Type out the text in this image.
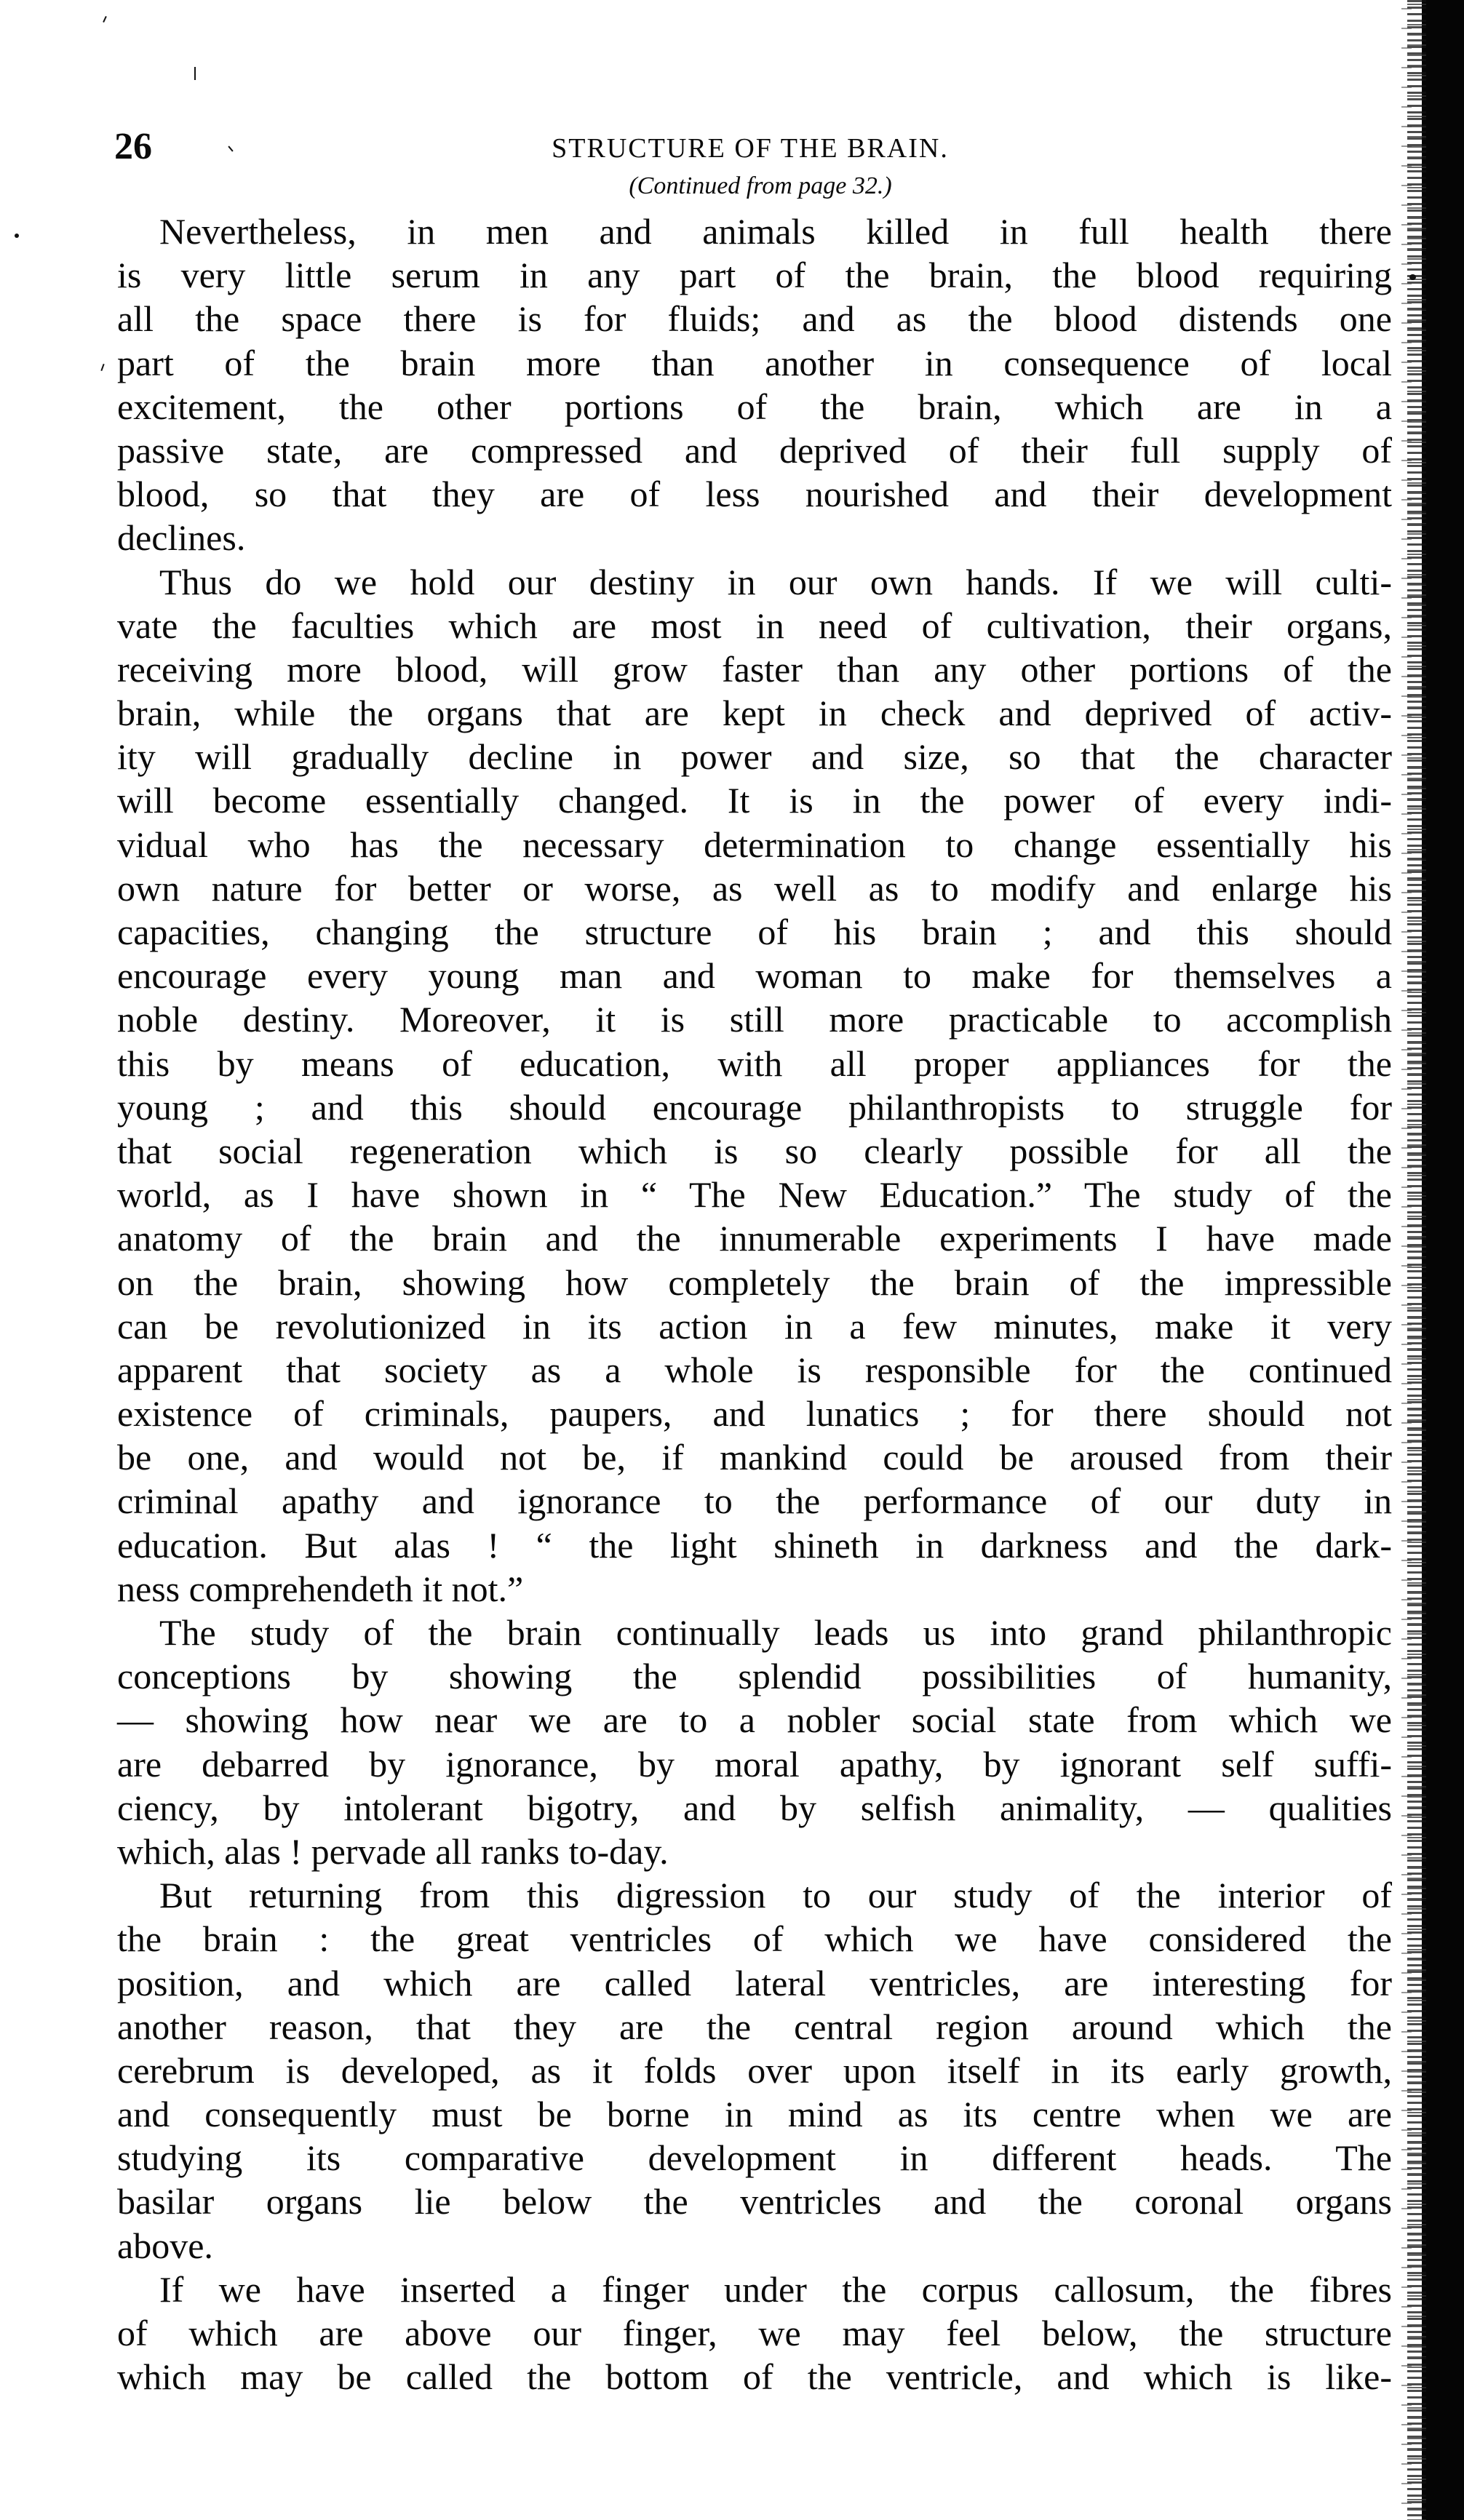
26	STRUCTURE OF THE BRAIN.
(Continued from page 32.)
Nevertheless, in men and animals killed in full health there
is very little serum in any part of the brain, the blood requiring
all the space there is for fluids; and as the blood distends one
part of the brain more than another in consequence of local
excitement, the other portions of the brain, which are in a
passive state, are compressed and deprived of their full supply of
blood, so that they are of less nourished and their development
declines.
Thus do we hold our destiny in our own hands. If we will culti-
vate the faculties which are most in need of cultivation, their organs,
receiving more blood, will grow faster than any other portions of the
brain, while the organs that are kept in check and deprived of activ-
ity will gradually decline in power and size, so that the character
will become essentially changed. It is in the power of every indi-
vidual who has the necessary determination to change essentially his
own nature for better or worse, as well as to modify and enlarge his
capacities, changing the structure of his brain ; and this should
encourage every young man and woman to make for themselves a
noble destiny. Moreover, it is still more practicable to accomplish
this by means of education, with all proper appliances for the
young ; and this should encourage philanthropists to struggle for
that social regeneration which is so clearly possible for all the
world, as I have shown in “ The New Education.” The study of the
anatomy of the brain and the innumerable experiments I have made
on the brain, showing how completely the brain of the impressible
can be revolutionized in its action in a few minutes, make it very
apparent that society as a whole is responsible for the continued
existence of criminals, paupers, and lunatics ; for there should not
be one, and would not be, if mankind could be aroused from their
criminal apathy and ignorance to the performance of our duty in
education. But alas ! “ the light shineth in darkness and the dark-
ness comprehendeth it not.”
The study of the brain continually leads us into grand philanthropic
conceptions by showing the splendid possibilities of humanity,
— showing how near we are to a nobler social state from which we
are debarred by ignorance, by moral apathy, by ignorant self suffi-
ciency, by intolerant bigotry, and by selfish animality, — qualities
which, alas ! pervade all ranks to-day.
But returning from this digression to our study of the interior of
the brain : the great ventricles of which we have considered the
position, and which are called lateral ventricles, are interesting for
another reason, that they are the central region around which the
cerebrum is developed, as it folds over upon itself in its early growth,
and consequently must be borne in mind as its centre when we are
studying its comparative development in different heads. The
basilar organs lie below the ventricles and the coronal organs
above.
If we have inserted a finger under the corpus callosum, the fibres
of which are above our finger, we may feel below, the structure
which may be called the bottom of the ventricle, and which is like-
